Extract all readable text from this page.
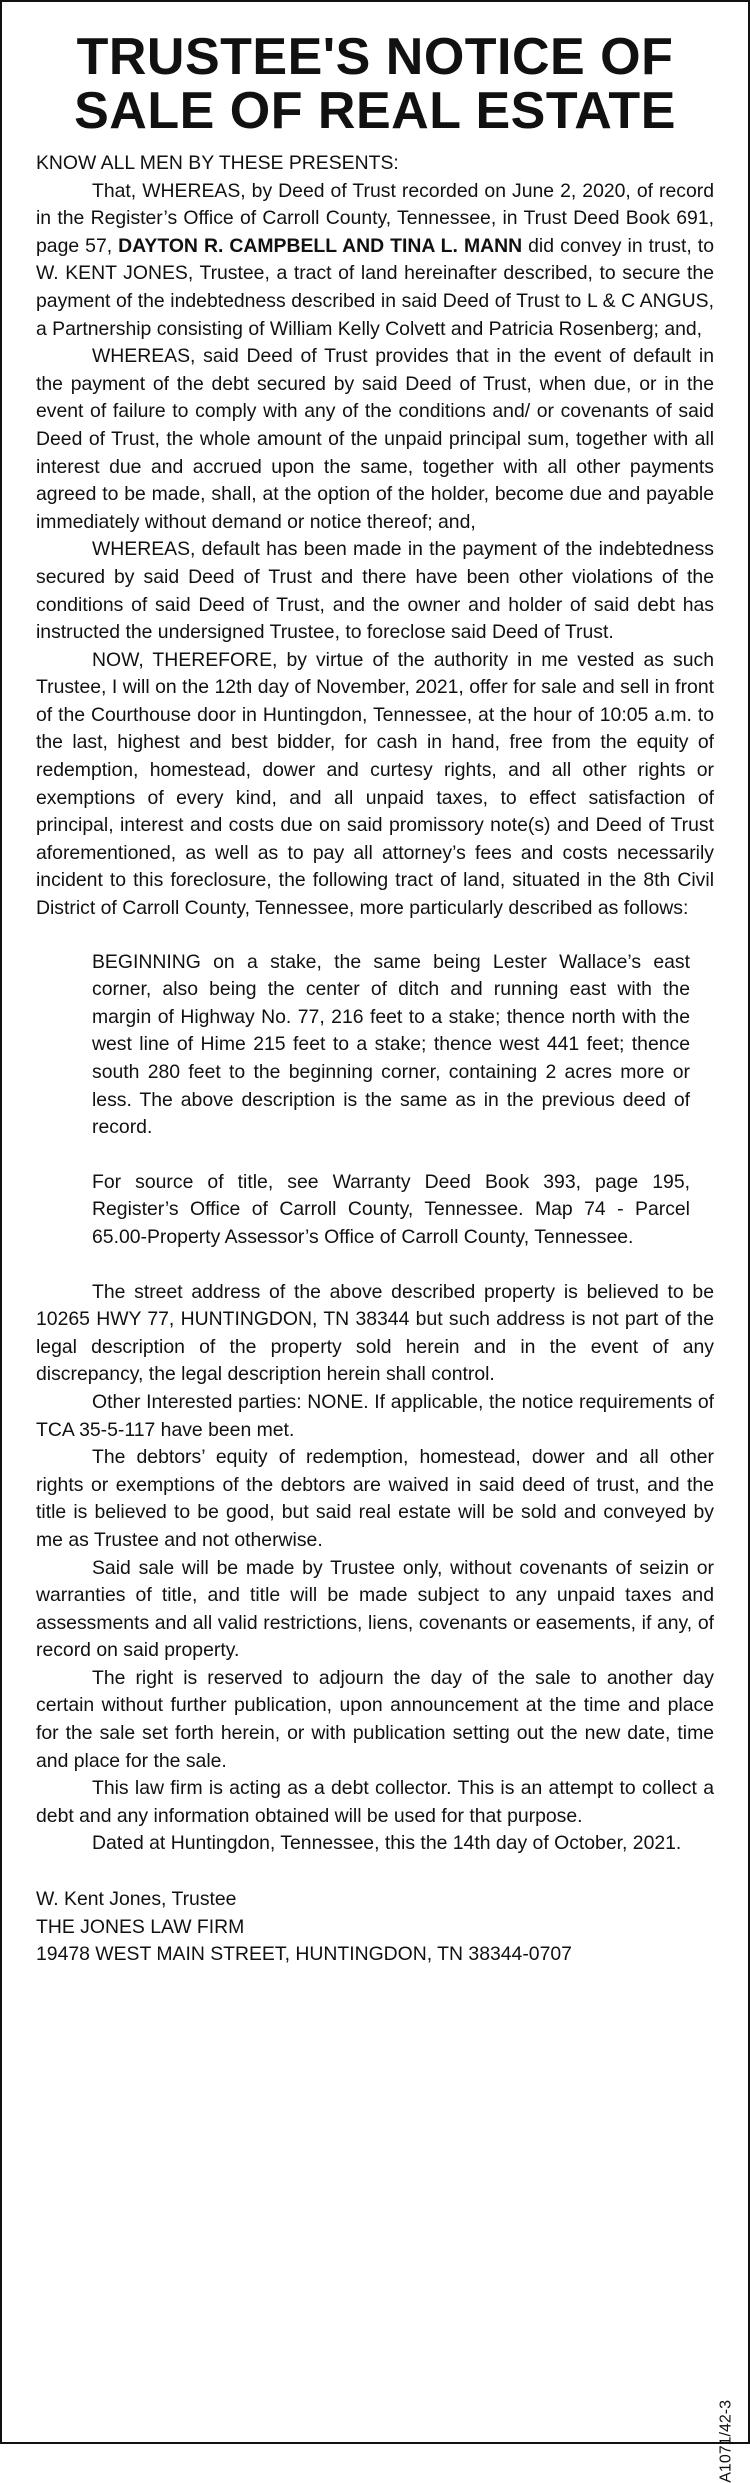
TRUSTEE'S NOTICE OF
SALE OF REAL ESTATE

KNOW ALL MEN BY THESE PRESENTS:

That, WHEREAS, by Deed of Trust recorded on June 2, 2020, of record in the Register’s Office of Carroll County, Tennessee, in Trust Deed Book 691, page 57, DAYTON R. CAMPBELL AND TINA L. MANN did convey in trust, to W. KENT JONES, Trustee, a tract of land hereinafter described, to secure the payment of the indebtedness described in said Deed of Trust to L & C ANGUS, a Partnership consisting of William Kelly Colvett and Patricia Rosenberg; and,

WHEREAS, said Deed of Trust provides that in the event of default in the payment of the debt secured by said Deed of Trust, when due, or in the event of failure to comply with any of the conditions and/ or covenants of said Deed of Trust, the whole amount of the unpaid principal sum, together with all interest due and accrued upon the same, together with all other payments agreed to be made, shall, at the option of the holder, become due and payable immediately without demand or notice thereof; and,

WHEREAS, default has been made in the payment of the indebtedness secured by said Deed of Trust and there have been other violations of the conditions of said Deed of Trust, and the owner and holder of said debt has instructed the undersigned Trustee, to foreclose said Deed of Trust.

NOW, THEREFORE, by virtue of the authority in me vested as such Trustee, I will on the 12th day of November, 2021, offer for sale and sell in front of the Courthouse door in Huntingdon, Tennessee, at the hour of 10:05 a.m. to the last, highest and best bidder, for cash in hand, free from the equity of redemption, homestead, dower and curtesy rights, and all other rights or exemptions of every kind, and all unpaid taxes, to effect satisfaction of principal, interest and costs due on said promissory note(s) and Deed of Trust aforementioned, as well as to pay all attorney’s fees and costs necessarily incident to this foreclosure, the following tract of land, situated in the 8th Civil District of Carroll County, Tennessee, more particularly described as follows:

BEGINNING on a stake, the same being Lester Wallace’s east corner, also being the center of ditch and running east with the margin of Highway No. 77, 216 feet to a stake; thence north with the west line of Hime 215 feet to a stake; thence west 441 feet; thence south 280 feet to the beginning corner, containing 2 acres more or less. The above description is the same as in the previous deed of record.

For source of title, see Warranty Deed Book 393, page 195, Register’s Office of Carroll County, Tennessee. Map 74 - Parcel 65.00-Property Assessor’s Office of Carroll County, Tennessee.

The street address of the above described property is believed to be 10265 HWY 77, HUNTINGDON, TN 38344 but such address is not part of the legal description of the property sold herein and in the event of any discrepancy, the legal description herein shall control.

Other Interested parties: NONE. If applicable, the notice requirements of TCA 35-5-117 have been met.

The debtors’ equity of redemption, homestead, dower and all other rights or exemptions of the debtors are waived in said deed of trust, and the title is believed to be good, but said real estate will be sold and conveyed by me as Trustee and not otherwise.

Said sale will be made by Trustee only, without covenants of seizin or warranties of title, and title will be made subject to any unpaid taxes and assessments and all valid restrictions, liens, covenants or easements, if any, of record on said property.

The right is reserved to adjourn the day of the sale to another day certain without further publication, upon announcement at the time and place for the sale set forth herein, or with publication setting out the new date, time and place for the sale.

This law firm is acting as a debt collector. This is an attempt to collect a debt and any information obtained will be used for that purpose.

Dated at Huntingdon, Tennessee, this the 14th day of October, 2021.

W. Kent Jones, Trustee
THE JONES LAW FIRM
19478 WEST MAIN STREET, HUNTINGDON, TN 38344-0707
A1071/42-3
